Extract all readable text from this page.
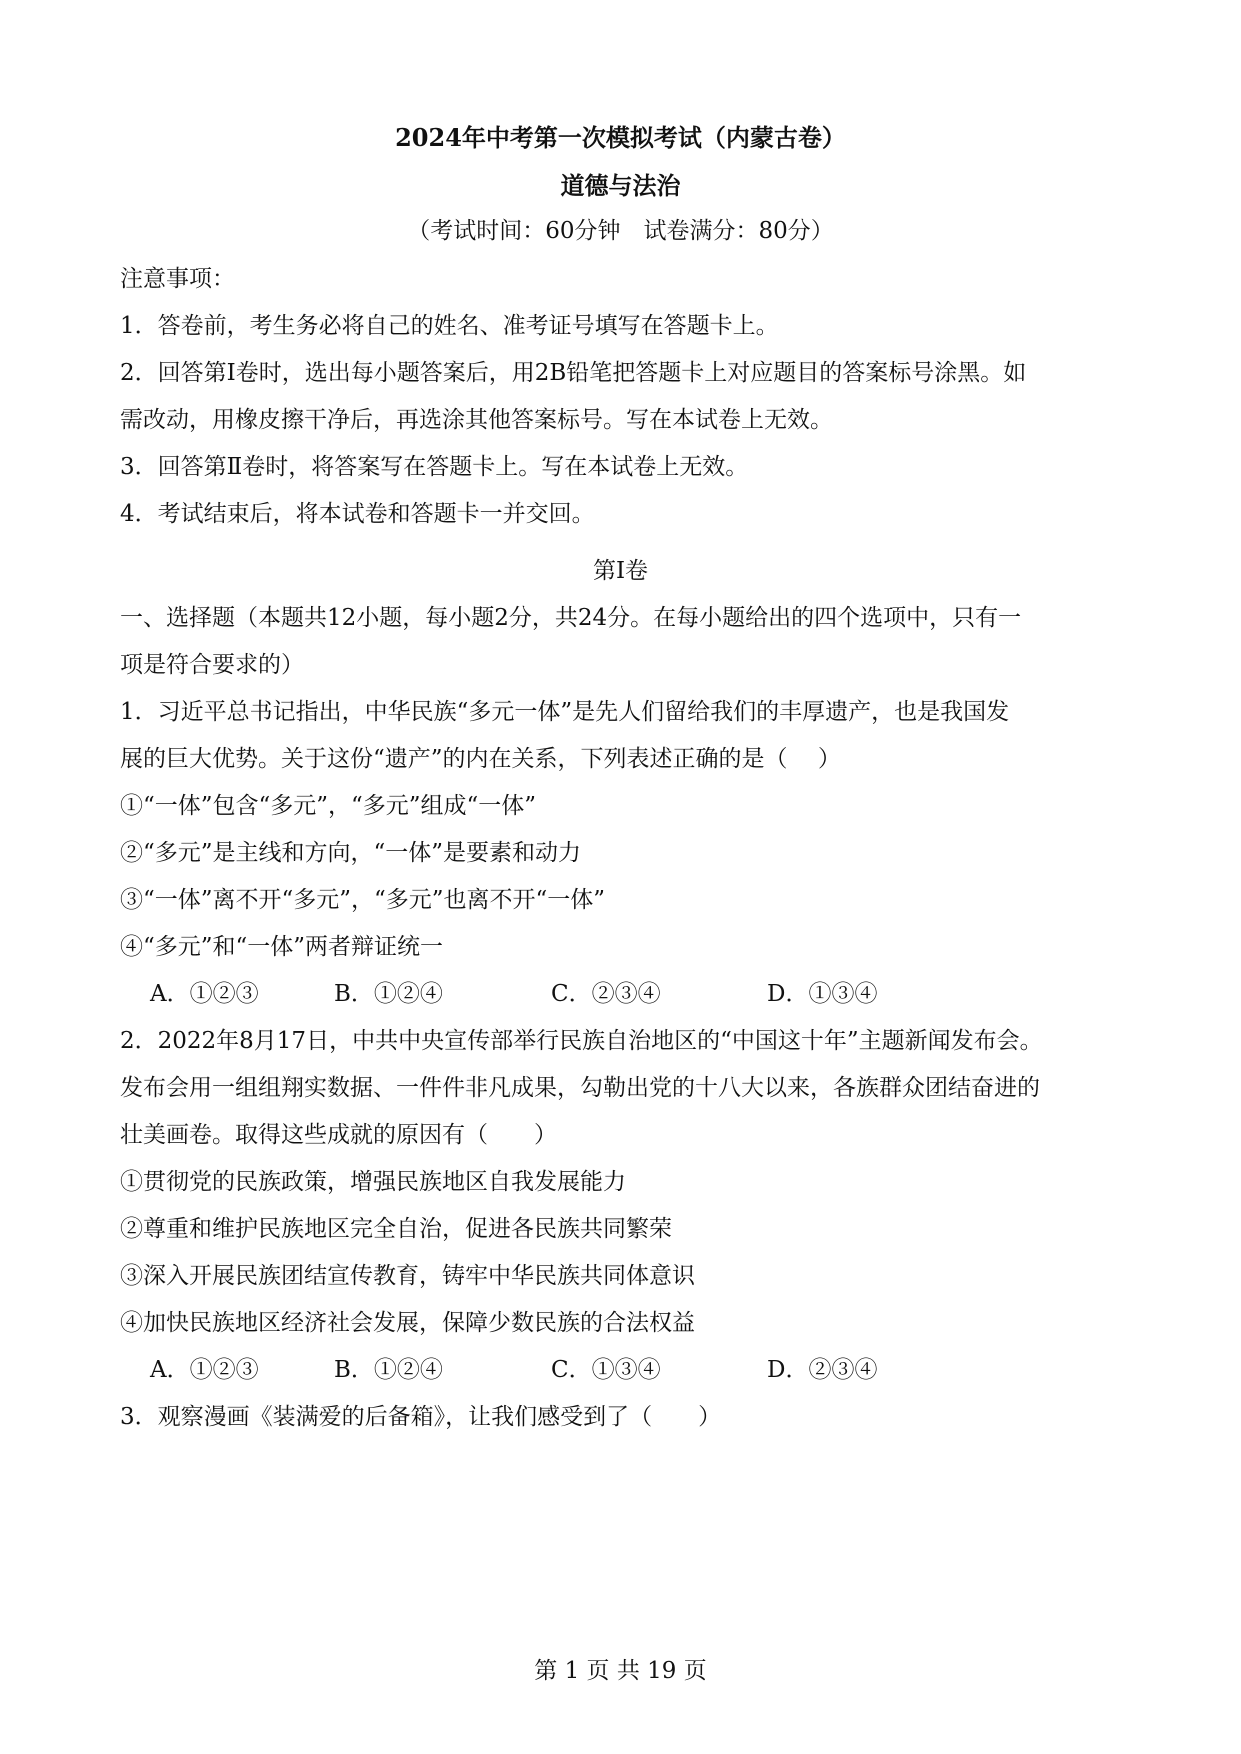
2024年中考第一次模拟考试（内蒙古卷）
道德与法治
（考试时间：60分钟　试卷满分：80分）
注意事项：
1．答卷前，考生务必将自己的姓名、准考证号填写在答题卡上。
2．回答第Ⅰ卷时，选出每小题答案后，用2B铅笔把答题卡上对应题目的答案标号涂黑。如
需改动，用橡皮擦干净后，再选涂其他答案标号。写在本试卷上无效。
3．回答第Ⅱ卷时，将答案写在答题卡上。写在本试卷上无效。
4．考试结束后，将本试卷和答题卡一并交回。
第Ⅰ卷
一、选择题（本题共12小题，每小题2分，共24分。在每小题给出的四个选项中，只有一
项是符合要求的）
1．习近平总书记指出，中华民族“多元一体”是先人们留给我们的丰厚遗产，也是我国发
展的巨大优势。关于这份“遗产”的内在关系，下列表述正确的是（　 ）
①“一体”包含“多元”，“多元”组成“一体”
②“多元”是主线和方向，“一体”是要素和动力
③“一体”离不开“多元”，“多元”也离不开“一体”
④“多元”和“一体”两者辩证统一
A．①②③	B．①②④	C．②③④	D．①③④
2．2022年8月17日，中共中央宣传部举行民族自治地区的“中国这十年”主题新闻发布会。
发布会用一组组翔实数据、一件件非凡成果，勾勒出党的十八大以来，各族群众团结奋进的
壮美画卷。取得这些成就的原因有（　　）
①贯彻党的民族政策，增强民族地区自我发展能力
②尊重和维护民族地区完全自治，促进各民族共同繁荣
③深入开展民族团结宣传教育，铸牢中华民族共同体意识
④加快民族地区经济社会发展，保障少数民族的合法权益
A．①②③	B．①②④	C．①③④	D．②③④
3．观察漫画《装满爱的后备箱》，让我们感受到了（　　）
第 1 页 共 19 页
